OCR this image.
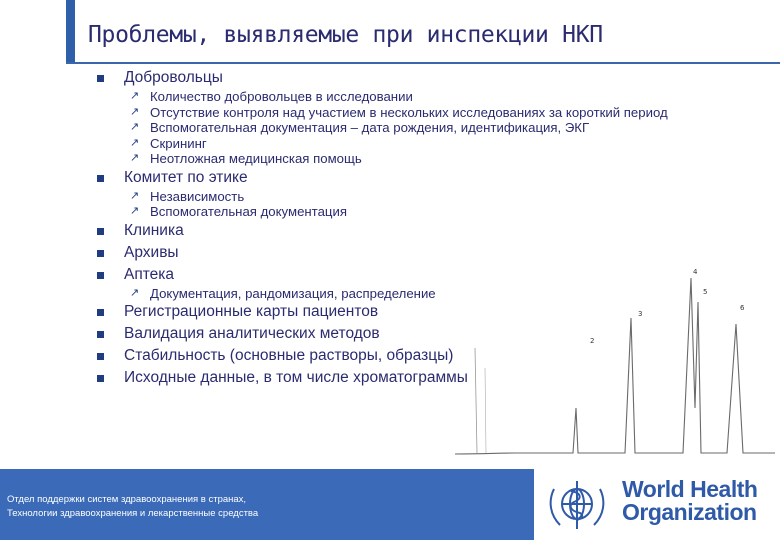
Проблемы, выявляемые при инспекции НКП
2
3
4
5
6
Добровольцы
↗ Количество добровольцев в исследовании
↗ Отсутствие контроля над участием в нескольких исследованиях за короткий период
↗ Вспомогательная документация – дата рождения, идентификация, ЭКГ
↗ Скрининг
↗ Неотложная медицинская помощь
Комитет по этике
↗ Независимость
↗ Вспомогательная документация
Клиника
Архивы
Аптека
↗ Документация, рандомизация, распределение
Регистрационные карты пациентов
Валидация аналитических методов
Стабильность (основные растворы, образцы)
Исходные данные, в том числе хроматограммы
Отдел поддержки систем здравоохранения в странах,
Технологии здравоохранения и лекарственные средства
World Health
Organization
